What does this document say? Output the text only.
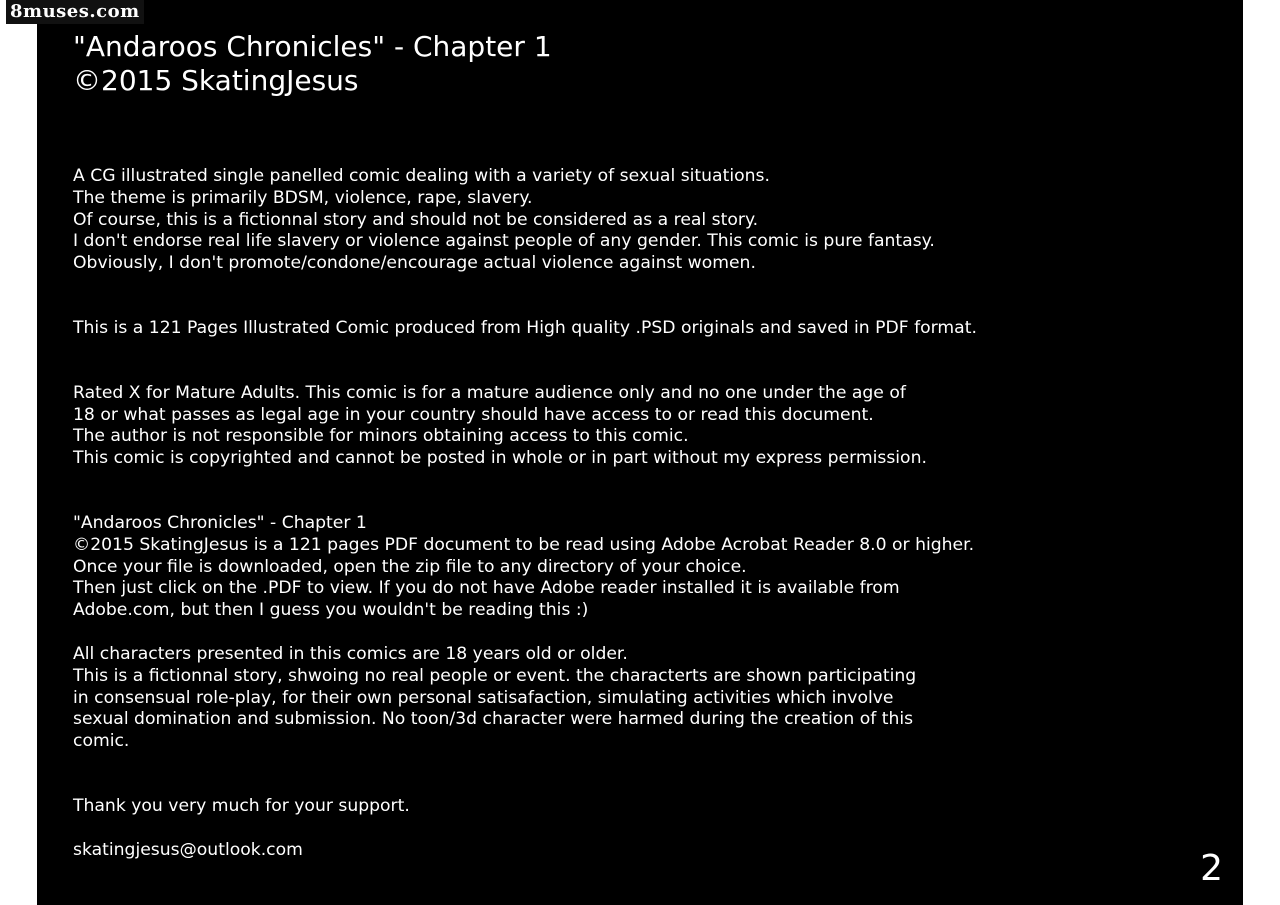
8muses.com
"Andaroos Chronicles" - Chapter 1
©2015 SkatingJesus
A CG illustrated single panelled comic dealing with a variety of sexual situations.
The theme is primarily BDSM, violence, rape, slavery.
Of course, this is a fictionnal story and should not be considered as a real story.
I don't endorse real life slavery or violence against people of any gender. This comic is pure fantasy.
Obviously, I don't promote/condone/encourage actual violence against women.
This is a 121 Pages Illustrated Comic produced from High quality .PSD originals and saved in PDF format.
Rated X for Mature Adults. This comic is for a mature audience only and no one under the age of
18 or what passes as legal age in your country should have access to or read this document.
The author is not responsible for minors obtaining access to this comic.
This comic is copyrighted and cannot be posted in whole or in part without my express permission.
"Andaroos Chronicles" - Chapter 1
©2015 SkatingJesus is a 121 pages PDF document to be read using Adobe Acrobat Reader 8.0 or higher.
Once your file is downloaded, open the zip file to any directory of your choice.
Then just click on the .PDF to view. If you do not have Adobe reader installed it is available from
Adobe.com, but then I guess you wouldn't be reading this :)
All characters presented in this comics are 18 years old or older.
This is a fictionnal story, shwoing no real people or event. the characterts are shown participating
in consensual role-play, for their own personal satisafaction, simulating activities which involve
sexual domination and submission. No toon/3d character were harmed during the creation of this
comic.
Thank you very much for your support.
skatingjesus@outlook.com	2
